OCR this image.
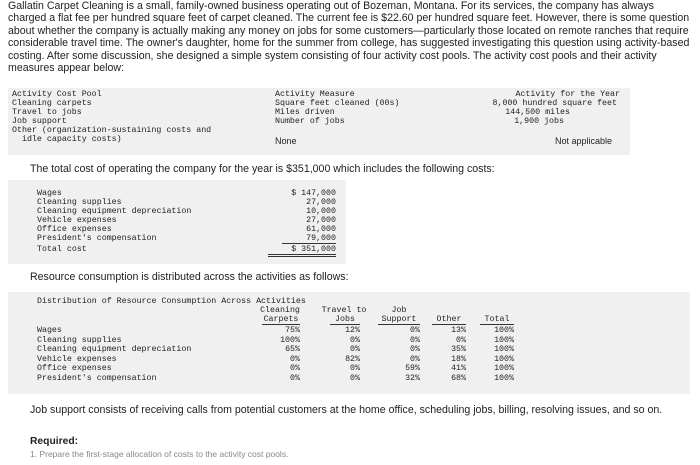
Gallatin Carpet Cleaning is a small, family-owned business operating out of Bozeman, Montana. For its services, the company has always charged a flat fee per hundred square feet of carpet cleaned. The current fee is $22.60 per hundred square feet. However, there is some question about whether the company is actually making any money on jobs for some customers—particularly those located on remote ranches that require considerable travel time. The owner's daughter, home for the summer from college, has suggested investigating this question using activity-based costing. After some discussion, she designed a simple system consisting of four activity cost pools. The activity cost pools and their activity measures appear below:
Activity Cost Pool	Activity Measure	Activity for the Year
Cleaning carpets	Square feet cleaned (00s)	8,000 hundred square feet
Travel to jobs	Miles driven	144,500 miles
Job support	Number of jobs	1,900 jobs
Other (organization-sustaining costs and
idle capacity costs)	None	Not applicable
The total cost of operating the company for the year is $351,000 which includes the following costs:
Wages	$ 147,000
Cleaning supplies	27,000
Cleaning equipment depreciation	10,000
Vehicle expenses	27,000
Office expenses	61,000
President's compensation	79,000
Total cost	$ 351,000
Resource consumption is distributed across the activities as follows:
Distribution of Resource Consumption Across Activities
Cleaning	Travel to	Job
Carpets	Jobs	Support	Other	Total
Wages	75%	12%	0%	13%	100%
Cleaning supplies	100%	0%	0%	0%	100%
Cleaning equipment depreciation	65%	0%	0%	35%	100%
Vehicle expenses	0%	82%	0%	18%	100%
Office expenses	0%	0%	59%	41%	100%
President's compensation	0%	0%	32%	68%	100%
Job support consists of receiving calls from potential customers at the home office, scheduling jobs, billing, resolving issues, and so on.
Required:
1. Prepare the first-stage allocation of costs to the activity cost pools.
